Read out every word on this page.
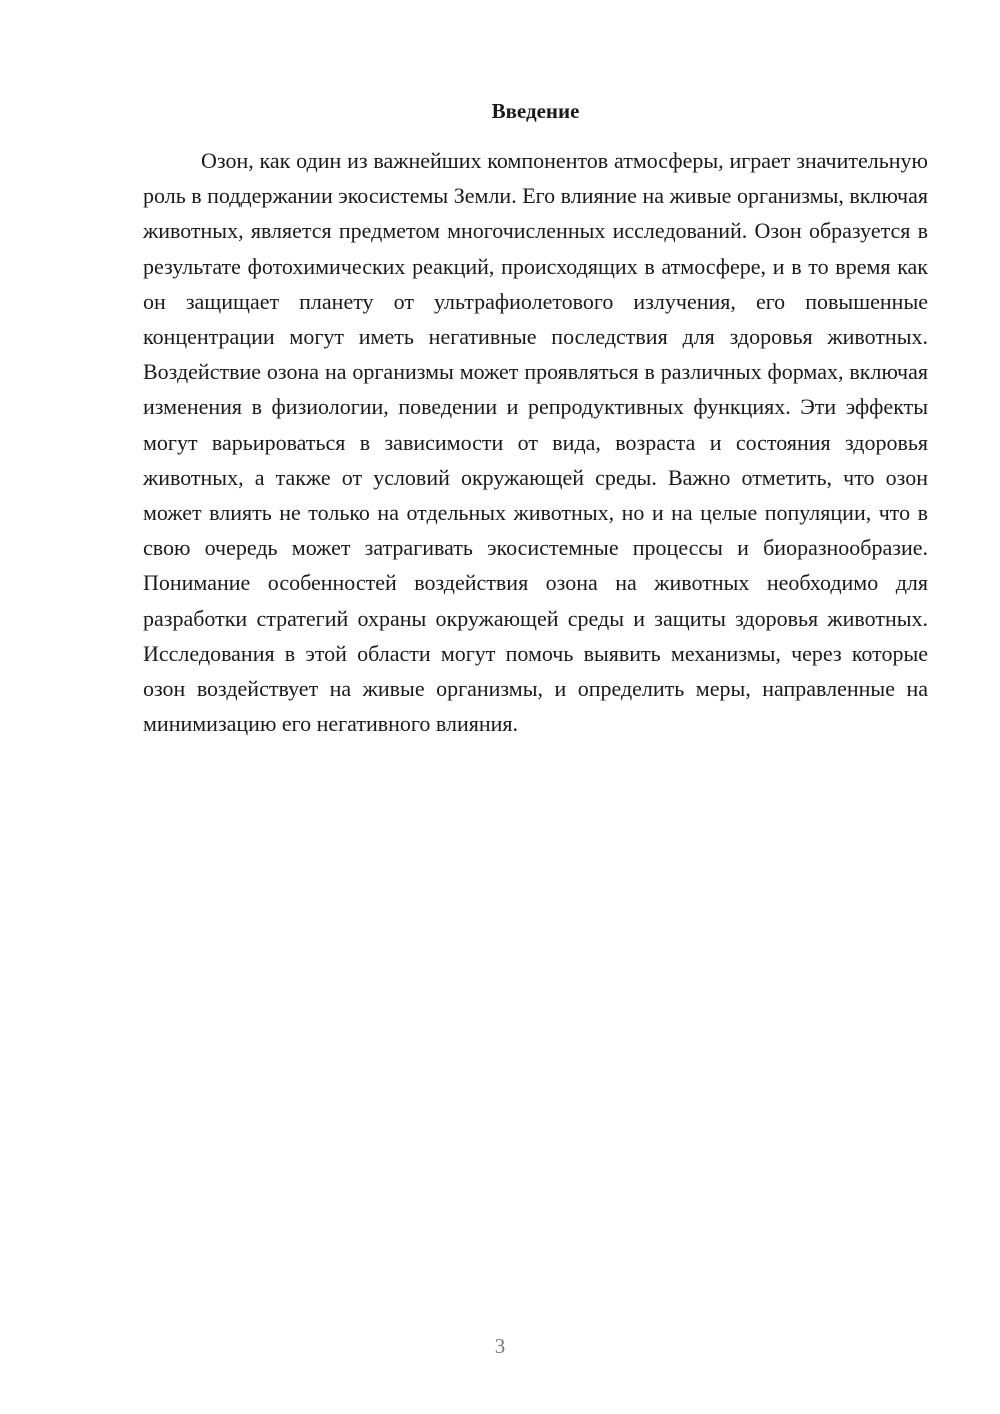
Введение

Озон, как один из важнейших компонентов атмосферы, играет значительную роль в поддержании экосистемы Земли. Его влияние на живые организмы, включая животных, является предметом многочисленных исследований. Озон образуется в результате фотохимических реакций, происходящих в атмосфере, и в то время как он защищает планету от ультрафиолетового излучения, его повышенные концентрации могут иметь негативные последствия для здоровья животных. Воздействие озона на организмы может проявляться в различных формах, включая изменения в физиологии, поведении и репродуктивных функциях. Эти эффекты могут варьироваться в зависимости от вида, возраста и состояния здоровья животных, а также от условий окружающей среды. Важно отметить, что озон может влиять не только на отдельных животных, но и на целые популяции, что в свою очередь может затрагивать экосистемные процессы и биоразнообразие. Понимание особенностей воздействия озона на животных необходимо для разработки стратегий охраны окружающей среды и защиты здоровья животных. Исследования в этой области могут помочь выявить механизмы, через которые озон воздействует на живые организмы, и определить меры, направленные на минимизацию его негативного влияния.

3
